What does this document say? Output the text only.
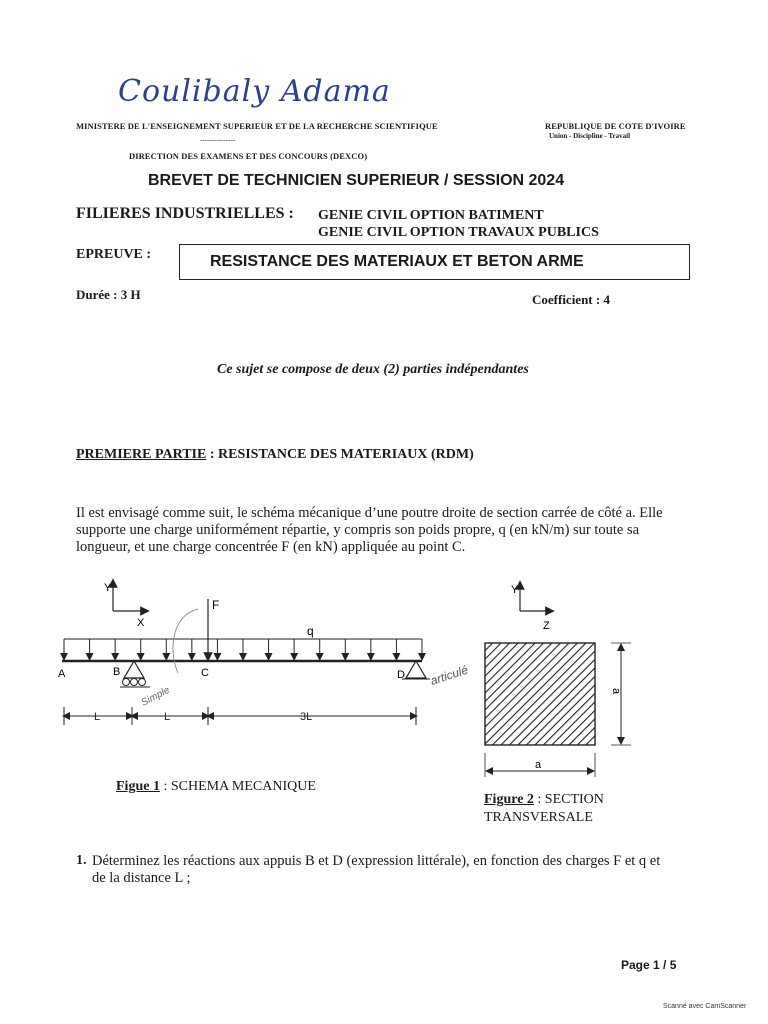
Coulibaly Adama
MINISTERE DE L'ENSEIGNEMENT SUPERIEUR ET DE LA RECHERCHE SCIENTIFIQUE	REPUBLIQUE DE COTE D'IVOIRE
Union - Discipline - Travail
---------------
DIRECTION DES EXAMENS ET DES CONCOURS (DEXCO)
BREVET DE TECHNICIEN SUPERIEUR / SESSION 2024
FILIERES INDUSTRIELLES : GENIE CIVIL OPTION BATIMENT
GENIE CIVIL OPTION TRAVAUX PUBLICS
EPREUVE :	RESISTANCE DES MATERIAUX ET BETON ARME
Durée : 3 H	Coefficient : 4
Ce sujet se compose de deux (2) parties indépendantes
PREMIERE PARTIE : RESISTANCE DES MATERIAUX (RDM)
Il est envisagé comme suit, le schéma mécanique d’une poutre droite de section carrée de côté a. Elle
supporte une charge uniformément répartie, y compris son poids propre, q (en kN/m) sur toute sa
longueur, et une charge concentrée F (en kN) appliquée au point C.
Y
X
F
q
A	B	C	D
Simple
articulé
L	L	3L
Figue 1 : SCHEMA MECANIQUE
Y
Z
a
a
Figure 2 : SECTION
TRANSVERSALE
1. Déterminez les réactions aux appuis B et D (expression littérale), en fonction des charges F et q et
de la distance L ;
Page 1 / 5
Scanné avec CamScanner
